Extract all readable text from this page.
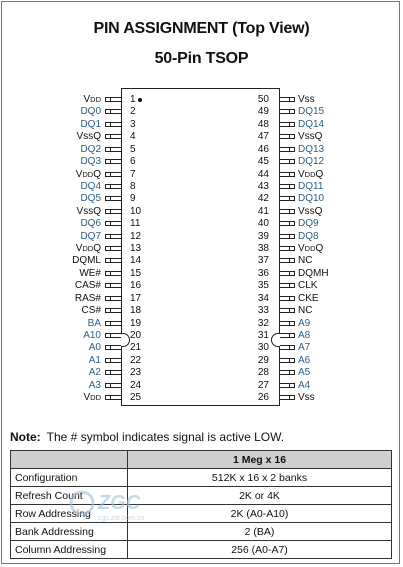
PIN ASSIGNMENT (Top View)
50-Pin TSOP
VDD	1	50	Vss
DQ0	2	49	DQ15
DQ1	3	48	DQ14
VssQ	4	47	VssQ
DQ2	5	46	DQ13
DQ3	6	45	DQ12
VDDQ	7	44	VDDQ
DQ4	8	43	DQ11
DQ5	9	42	DQ10
VssQ	10	41	VssQ
DQ6	11	40	DQ9
DQ7	12	39	DQ8
VDDQ	13	38	VDDQ
DQML	14	37	NC
WE#	15	36	DQMH
CAS#	16	35	CLK
RAS#	17	34	CKE
CS#	18	33	NC
BA	19	32	A9
A10	20	31	A8
A0	21	30	A7
A1	22	29	A6
A2	23	28	A5
A3	24	27	A4
VDD	25	26	Vss
Note: The # symbol indicates signal is active LOW.
	1 Meg x 16
Configuration	512K x 16 x 2 banks
Refresh Count	2K or 4K
Row Addressing	2K (A0-A10)
Bank Addressing	2 (BA)
Column Addressing	256 (A0-A7)
ZGC
zgc.zol.com.cn
